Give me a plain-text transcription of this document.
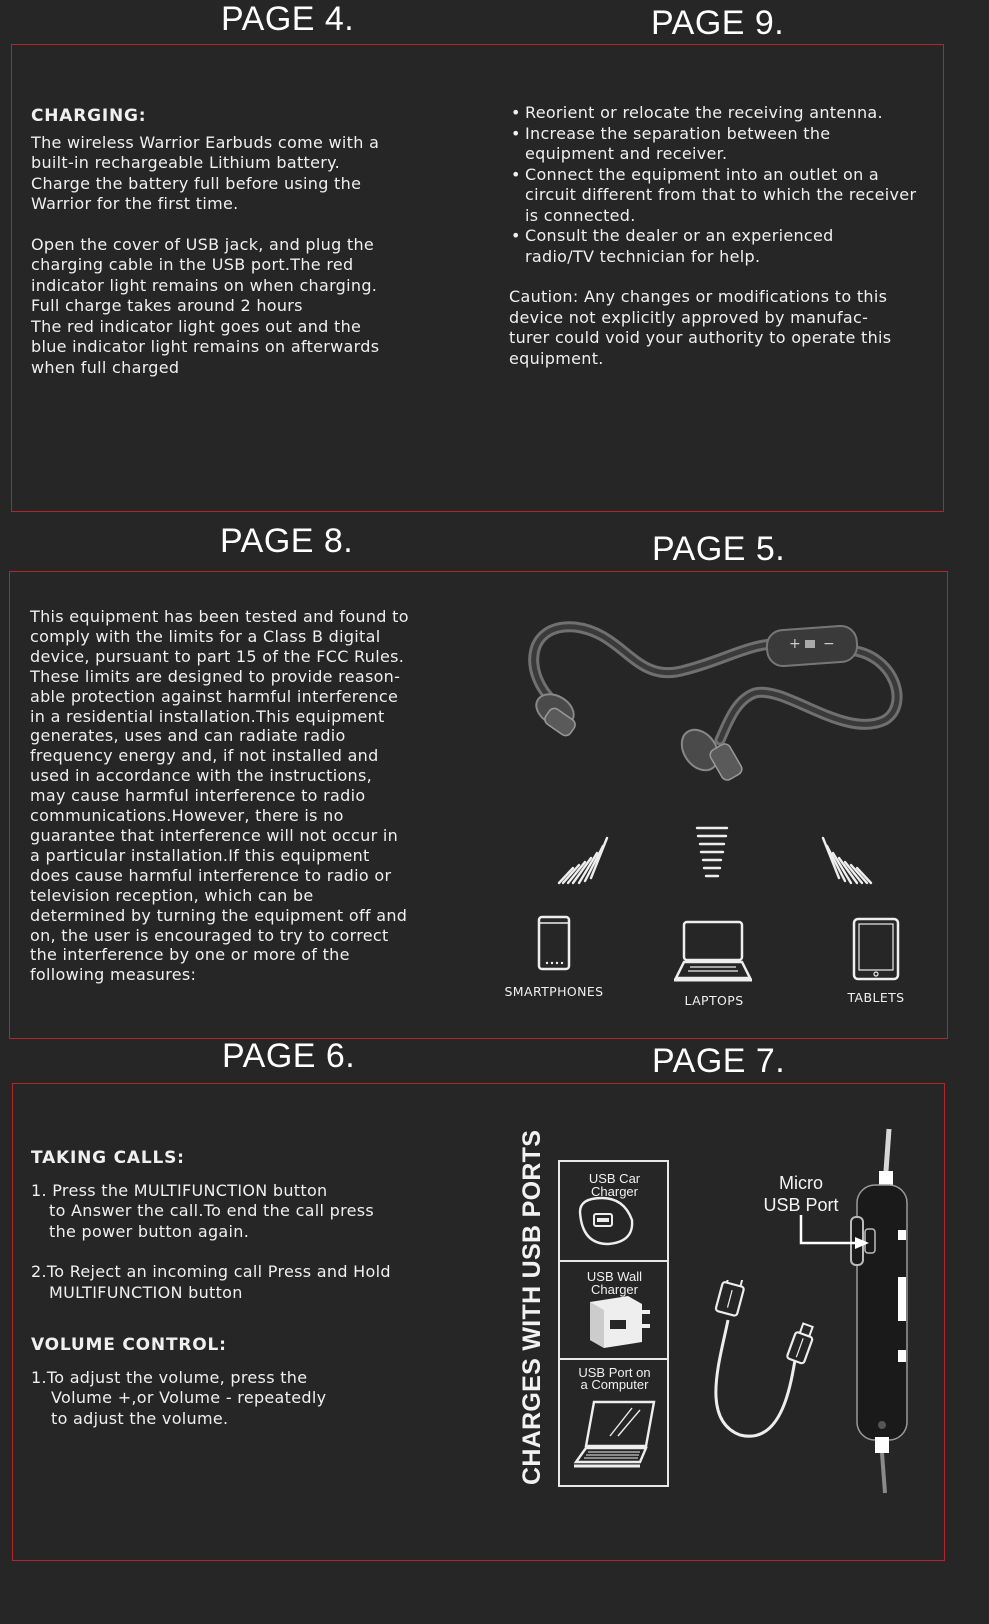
PAGE 4.

CHARGING:

The wireless Warrior Earbuds come with a

built-in rechargeable Lithium battery.

Charge the battery full before using the

Warrior for the first time.

Open the cover of USB jack, and plug the

charging cable in the USB port.The red

indicator light remains on when charging.

Full charge takes around 2 hours

The red indicator light goes out and the

blue indicator light remains on afterwards

when full charged

PAGE 9.
• Reorient or relocate the receiving antenna.
• Increase the separation between the equipment and receiver.
• Connect the equipment into an outlet on a circuit different from that to which the receiver is connected.
• Consult the dealer or an experienced radio/TV technician for help.

Caution: Any changes or modifications to this

device not explicitly approved by manufac-

turer could void your authority to operate this

equipment.

PAGE 8.

This equipment has been tested and found to

comply with the limits for a Class B digital

device, pursuant to part 15 of the FCC Rules.

These limits are designed to provide reason-

able protection against harmful interference

in a residential installation.This equipment

generates, uses and can radiate radio

frequency energy and, if not installed and

used in accordance with the instructions,

may cause harmful interference to radio

communications.However, there is no

guarantee that interference will not occur in

a particular installation.If this equipment

does cause harmful interference to radio or

television reception, which can be

determined by turning the equipment off and

on, the user is encouraged to try to correct

the interference by one or more of the

following measures:

PAGE 5.
+ −
SMARTPHONES
LAPTOPS	TABLETS
PAGE 6.

TAKING CALLS:

1. Press the MULTIFUNCTION button

to Answer the call.To end the call press

the power button again.

2.To Reject an incoming call Press and Hold

MULTIFUNCTION button

VOLUME CONTROL:

1.To adjust the volume, press the

Volume +,or Volume - repeatedly

to adjust the volume.

PAGE 7.
CHARGES WITH USB PORTS	USB Car Charger
USB Wall Charger
USB Port on
a Computer
Micro
USB Port
